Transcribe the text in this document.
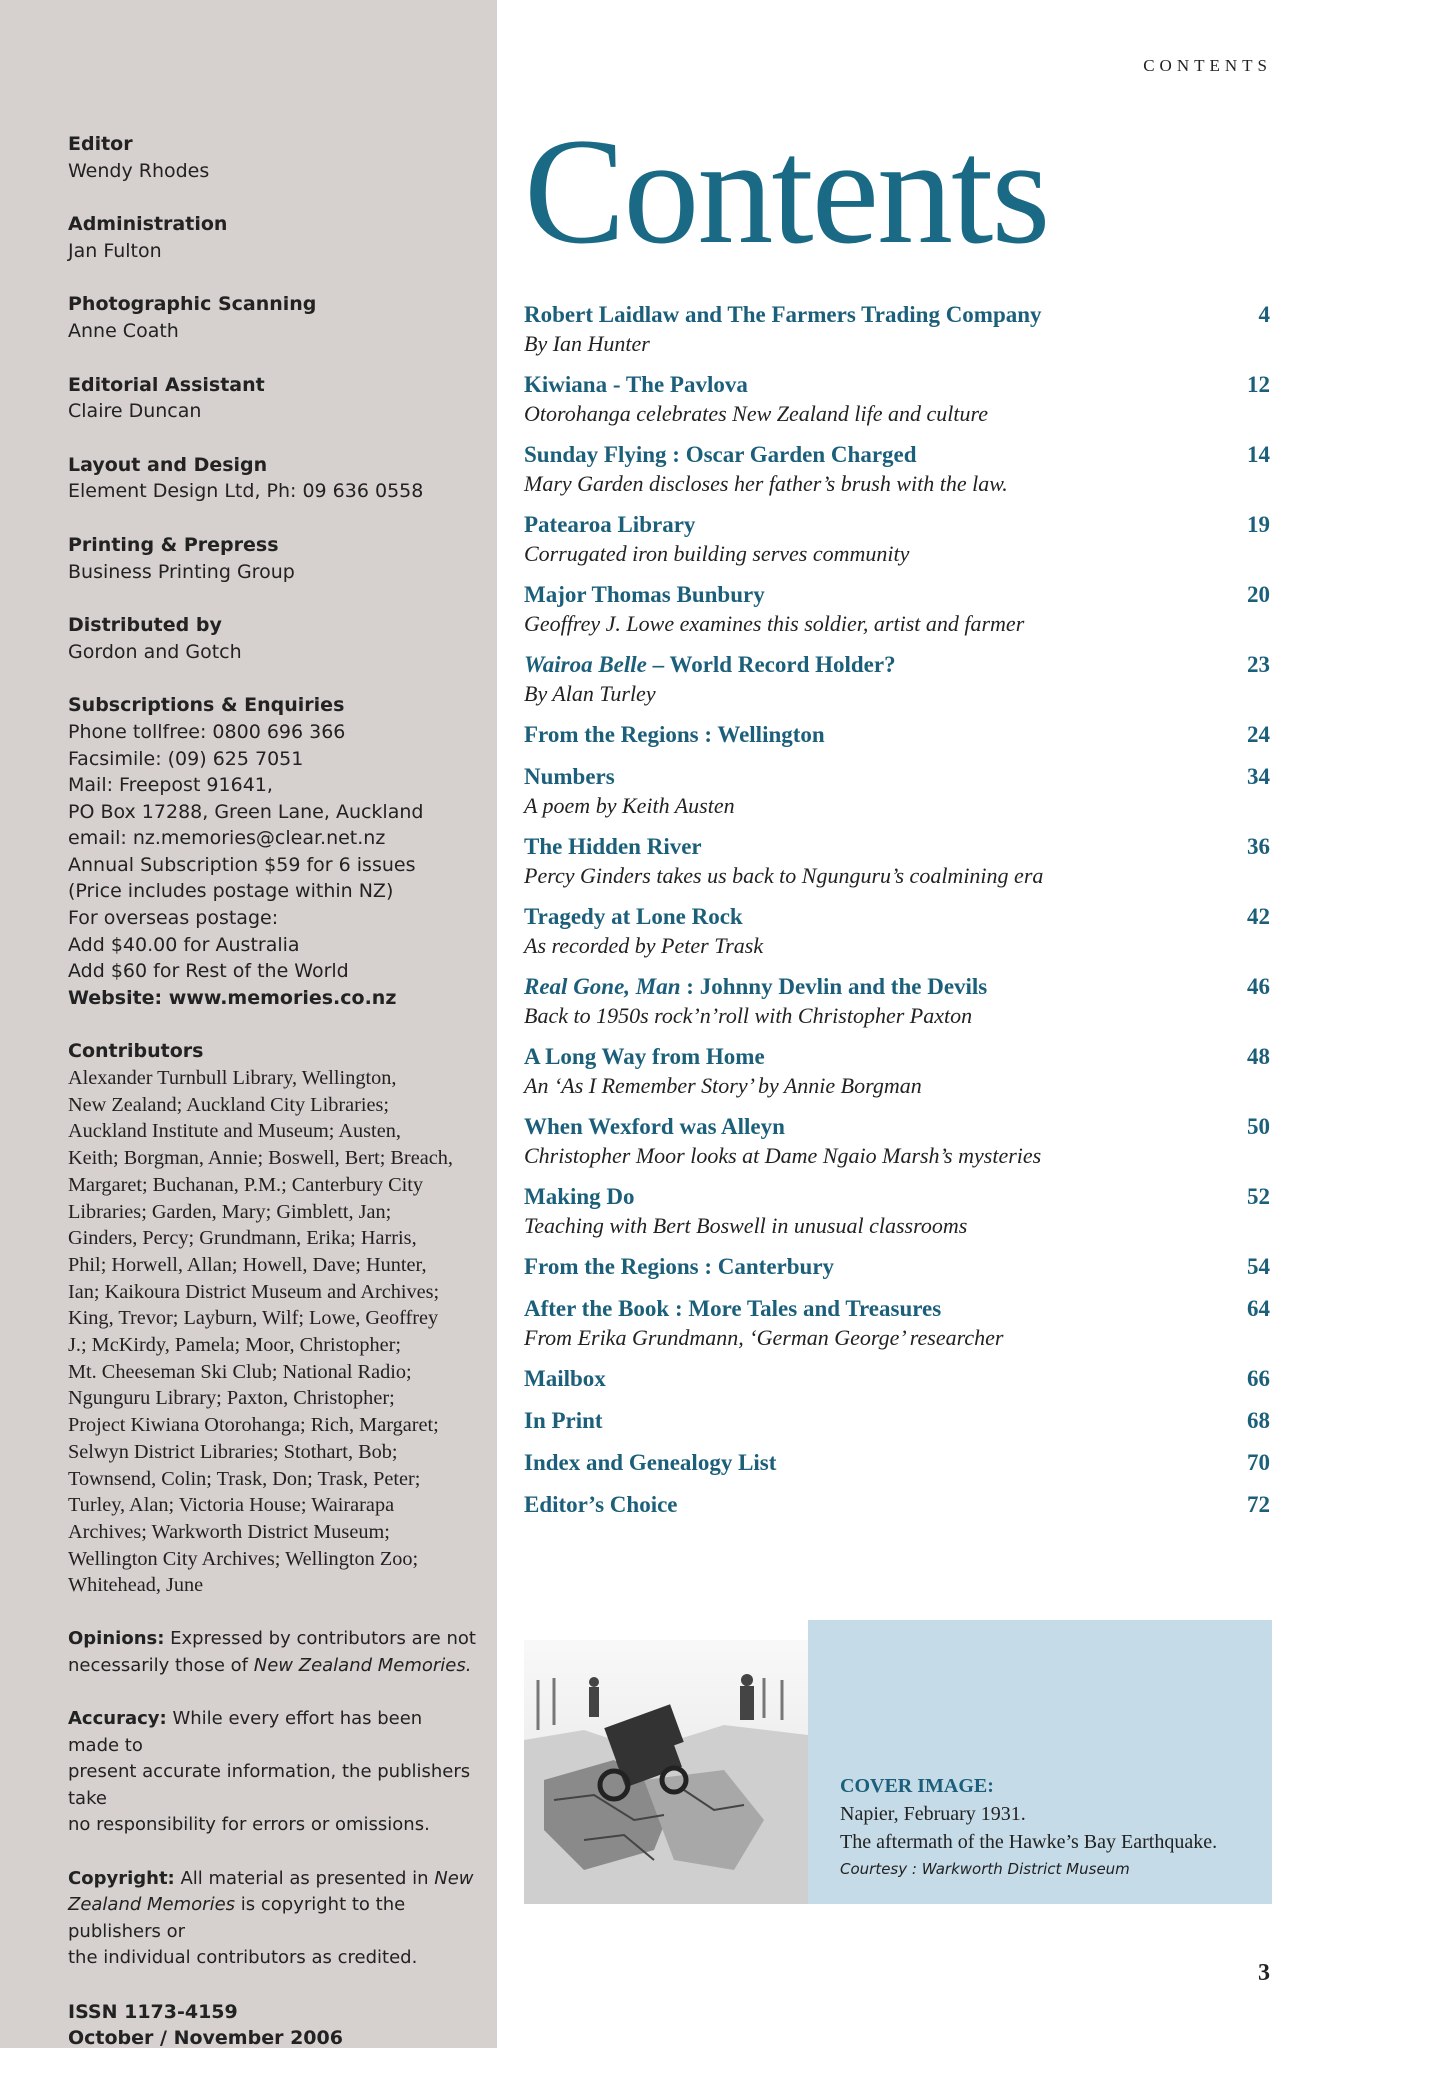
Editor
Wendy Rhodes
Administration
Jan Fulton
Photographic Scanning
Anne Coath
Editorial Assistant
Claire Duncan
Layout and Design
Element Design Ltd, Ph: 09 636 0558
Printing & Prepress
Business Printing Group
Distributed by
Gordon and Gotch
Subscriptions & Enquiries
Phone tollfree: 0800 696 366
Facsimile: (09) 625 7051
Mail: Freepost 91641,
PO Box 17288, Green Lane, Auckland
email: nz.memories@clear.net.nz
Annual Subscription $59 for 6 issues
(Price includes postage within NZ)
For overseas postage:
Add $40.00 for Australia
Add $60 for Rest of the World
Website: www.memories.co.nz
Contributors
Alexander Turnbull Library, Wellington,
New Zealand; Auckland City Libraries;
Auckland Institute and Museum; Austen,
Keith; Borgman, Annie; Boswell, Bert; Breach,
Margaret; Buchanan, P.M.; Canterbury City
Libraries; Garden, Mary; Gimblett, Jan;
Ginders, Percy; Grundmann, Erika; Harris,
Phil; Horwell, Allan; Howell, Dave; Hunter,
Ian; Kaikoura District Museum and Archives;
King, Trevor; Layburn, Wilf; Lowe, Geoffrey
J.; McKirdy, Pamela; Moor, Christopher;
Mt. Cheeseman Ski Club; National Radio;
Ngunguru Library; Paxton, Christopher;
Project Kiwiana Otorohanga; Rich, Margaret;
Selwyn District Libraries; Stothart, Bob;
Townsend, Colin; Trask, Don; Trask, Peter;
Turley, Alan; Victoria House; Wairarapa
Archives; Warkworth District Museum;
Wellington City Archives; Wellington Zoo;
Whitehead, June
Opinions: Expressed by contributors are not
necessarily those of New Zealand Memories.
Accuracy: While every effort has been made to
present accurate information, the publishers take
no responsibility for errors or omissions.
Copyright: All material as presented in New
Zealand Memories is copyright to the publishers or
the individual contributors as credited.
ISSN 1173-4159
October / November 2006
CONTENTS
Contents
Robert Laidlaw and The Farmers Trading Company	4
By Ian Hunter
Kiwiana - The Pavlova	12
Otorohanga celebrates New Zealand life and culture
Sunday Flying : Oscar Garden Charged	14
Mary Garden discloses her father’s brush with the law.
Patearoa Library	19
Corrugated iron building serves community
Major Thomas Bunbury	20
Geoffrey J. Lowe examines this soldier, artist and farmer
Wairoa Belle – World Record Holder?	23
By Alan Turley
From the Regions : Wellington	24
Numbers	34
A poem by Keith Austen
The Hidden River	36
Percy Ginders takes us back to Ngunguru’s coalmining era
Tragedy at Lone Rock	42
As recorded by Peter Trask
Real Gone, Man : Johnny Devlin and the Devils	46
Back to 1950s rock’n’roll with Christopher Paxton
A Long Way from Home	48
An ‘As I Remember Story’ by Annie Borgman
When Wexford was Alleyn	50
Christopher Moor looks at Dame Ngaio Marsh’s mysteries
Making Do	52
Teaching with Bert Boswell in unusual classrooms
From the Regions : Canterbury	54
After the Book : More Tales and Treasures	64
From Erika Grundmann, ‘German George’ researcher
Mailbox	66
In Print	68
Index and Genealogy List	70
Editor’s Choice	72
COVER IMAGE:
Napier, February 1931.
The aftermath of the Hawke’s Bay Earthquake.
Courtesy : Warkworth District Museum
3
